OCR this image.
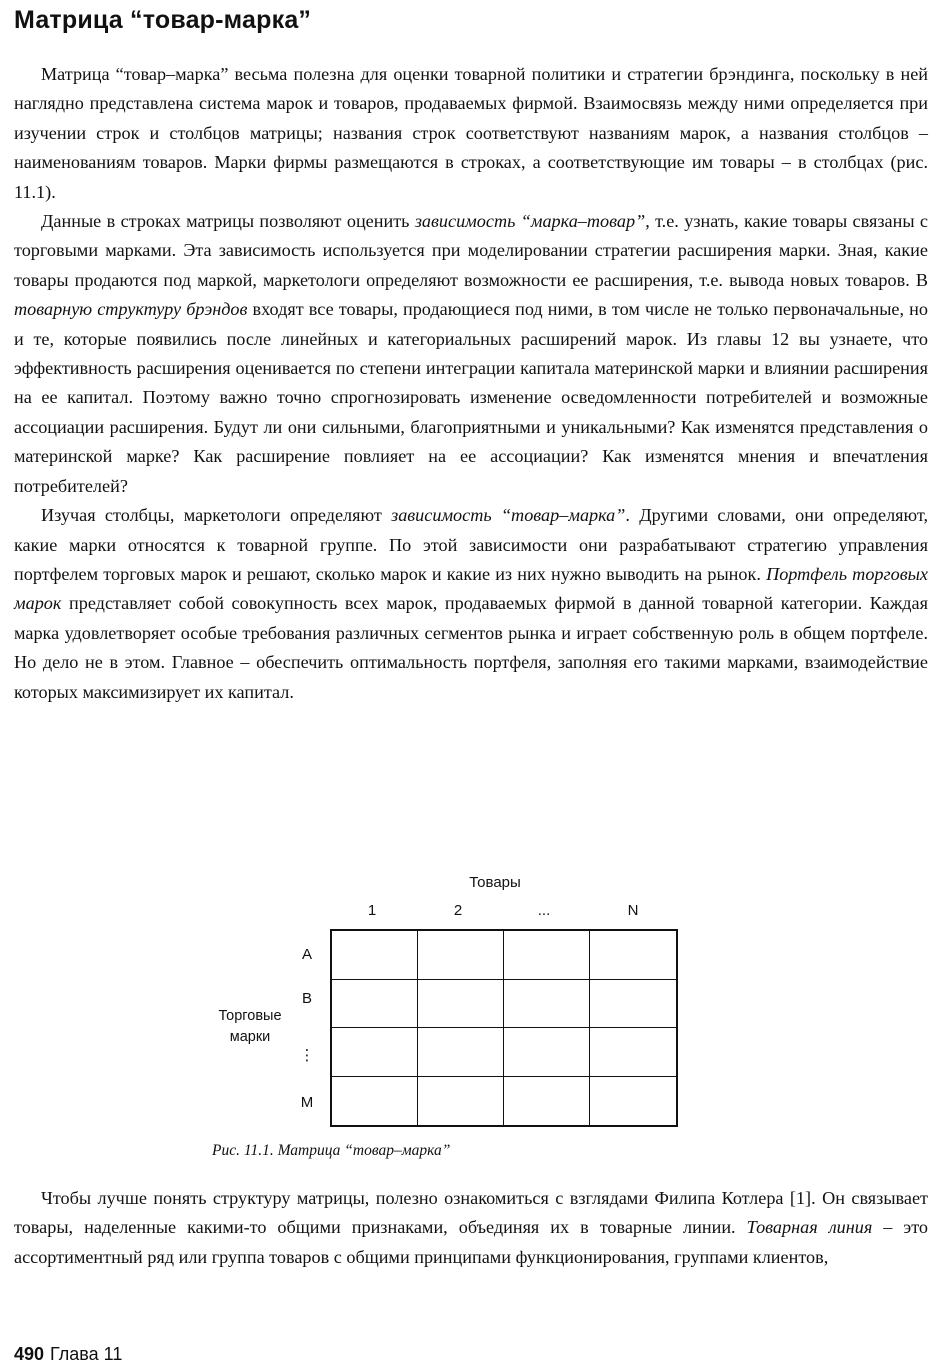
Матрица “товар-марка”

Матрица “товар–марка” весьма полезна для оценки товарной политики и стратегии брэндинга, поскольку в ней наглядно представлена система марок и товаров, продаваемых фирмой. Взаимосвязь между ними определяется при изучении строк и столбцов матрицы; названия строк соответствуют названиям марок, а названия столбцов – наименованиям товаров. Марки фирмы размещаются в строках, а соответствующие им товары – в столбцах (рис. 11.1).

Данные в строках матрицы позволяют оценить зависимость “марка–товар”, т.е. узнать, какие товары связаны с торговыми марками. Эта зависимость используется при моделировании стратегии расширения марки. Зная, какие товары продаются под маркой, маркетологи определяют возможности ее расширения, т.е. вывода новых товаров. В товарную структуру брэндов входят все товары, продающиеся под ними, в том числе не только первоначальные, но и те, которые появились после линейных и категориальных расширений марок. Из главы 12 вы узнаете, что эффективность расширения оценивается по степени интеграции капитала материнской марки и влиянии расширения на ее капитал. Поэтому важно точно спрогнозировать изменение осведомленности потребителей и возможные ассоциации расширения. Будут ли они сильными, благоприятными и уникальными? Как изменятся представления о материнской марке? Как расширение повлияет на ее ассоциации? Как изменятся мнения и впечатления потребителей?

Изучая столбцы, маркетологи определяют зависимость “товар–марка”. Другими словами, они определяют, какие марки относятся к товарной группе. По этой зависимости они разрабатывают стратегию управления портфелем торговых марок и решают, сколько марок и какие из них нужно выводить на рынок. Портфель торговых марок представляет собой совокупность всех марок, продаваемых фирмой в данной товарной категории. Каждая марка удовлетворяет особые требования различных сегментов рынка и играет собственную роль в общем портфеле. Но дело не в этом. Главное – обеспечить оптимальность портфеля, заполняя его такими марками, взаимодействие которых максимизирует их капитал.

Товары
1	2	...	N
Торговые
марки
A
B
⋮
M
Рис. 11.1. Матрица “товар–марка”

Чтобы лучше понять структуру матрицы, полезно ознакомиться с взглядами Филипа Котлера [1]. Он связывает товары, наделенные какими-то общими признаками, объединяя их в товарные линии. Товарная линия – это ассортиментный ряд или группа товаров с общими принципами функционирования, группами клиентов,

490 Глава 11
